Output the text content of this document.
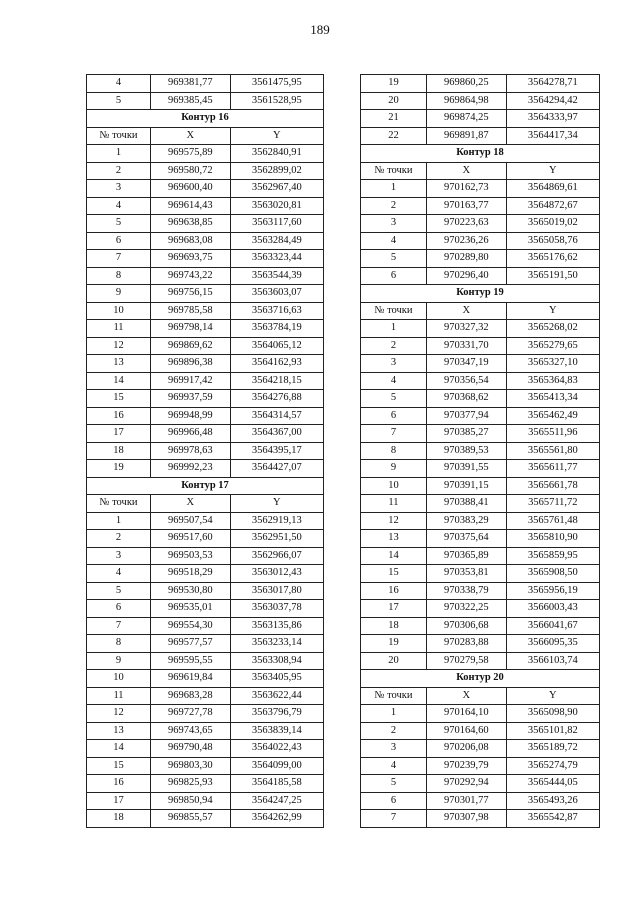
189
4	969381,77	3561475,95
5	969385,45	3561528,95
Контур 16		
№ точки	X	Y
1	969575,89	3562840,91
2	969580,72	3562899,02
3	969600,40	3562967,40
4	969614,43	3563020,81
5	969638,85	3563117,60
6	969683,08	3563284,49
7	969693,75	3563323,44
8	969743,22	3563544,39
9	969756,15	3563603,07
10	969785,58	3563716,63
11	969798,14	3563784,19
12	969869,62	3564065,12
13	969896,38	3564162,93
14	969917,42	3564218,15
15	969937,59	3564276,88
16	969948,99	3564314,57
17	969966,48	3564367,00
18	969978,63	3564395,17
19	969992,23	3564427,07
Контур 17		
№ точки	X	Y
1	969507,54	3562919,13
2	969517,60	3562951,50
3	969503,53	3562966,07
4	969518,29	3563012,43
5	969530,80	3563017,80
6	969535,01	3563037,78
7	969554,30	3563135,86
8	969577,57	3563233,14
9	969595,55	3563308,94
10	969619,84	3563405,95
11	969683,28	3563622,44
12	969727,78	3563796,79
13	969743,65	3563839,14
14	969790,48	3564022,43
15	969803,30	3564099,00
16	969825,93	3564185,58
17	969850,94	3564247,25
18	969855,57	3564262,99
19	969860,25	3564278,71
20	969864,98	3564294,42
21	969874,25	3564333,97
22	969891,87	3564417,34
Контур 18		
№ точки	X	Y
1	970162,73	3564869,61
2	970163,77	3564872,67
3	970223,63	3565019,02
4	970236,26	3565058,76
5	970289,80	3565176,62
6	970296,40	3565191,50
Контур 19		
№ точки	X	Y
1	970327,32	3565268,02
2	970331,70	3565279,65
3	970347,19	3565327,10
4	970356,54	3565364,83
5	970368,62	3565413,34
6	970377,94	3565462,49
7	970385,27	3565511,96
8	970389,53	3565561,80
9	970391,55	3565611,77
10	970391,15	3565661,78
11	970388,41	3565711,72
12	970383,29	3565761,48
13	970375,64	3565810,90
14	970365,89	3565859,95
15	970353,81	3565908,50
16	970338,79	3565956,19
17	970322,25	3566003,43
18	970306,68	3566041,67
19	970283,88	3566095,35
20	970279,58	3566103,74
Контур 20		
№ точки	X	Y
1	970164,10	3565098,90
2	970164,60	3565101,82
3	970206,08	3565189,72
4	970239,79	3565274,79
5	970292,94	3565444,05
6	970301,77	3565493,26
7	970307,98	3565542,87
